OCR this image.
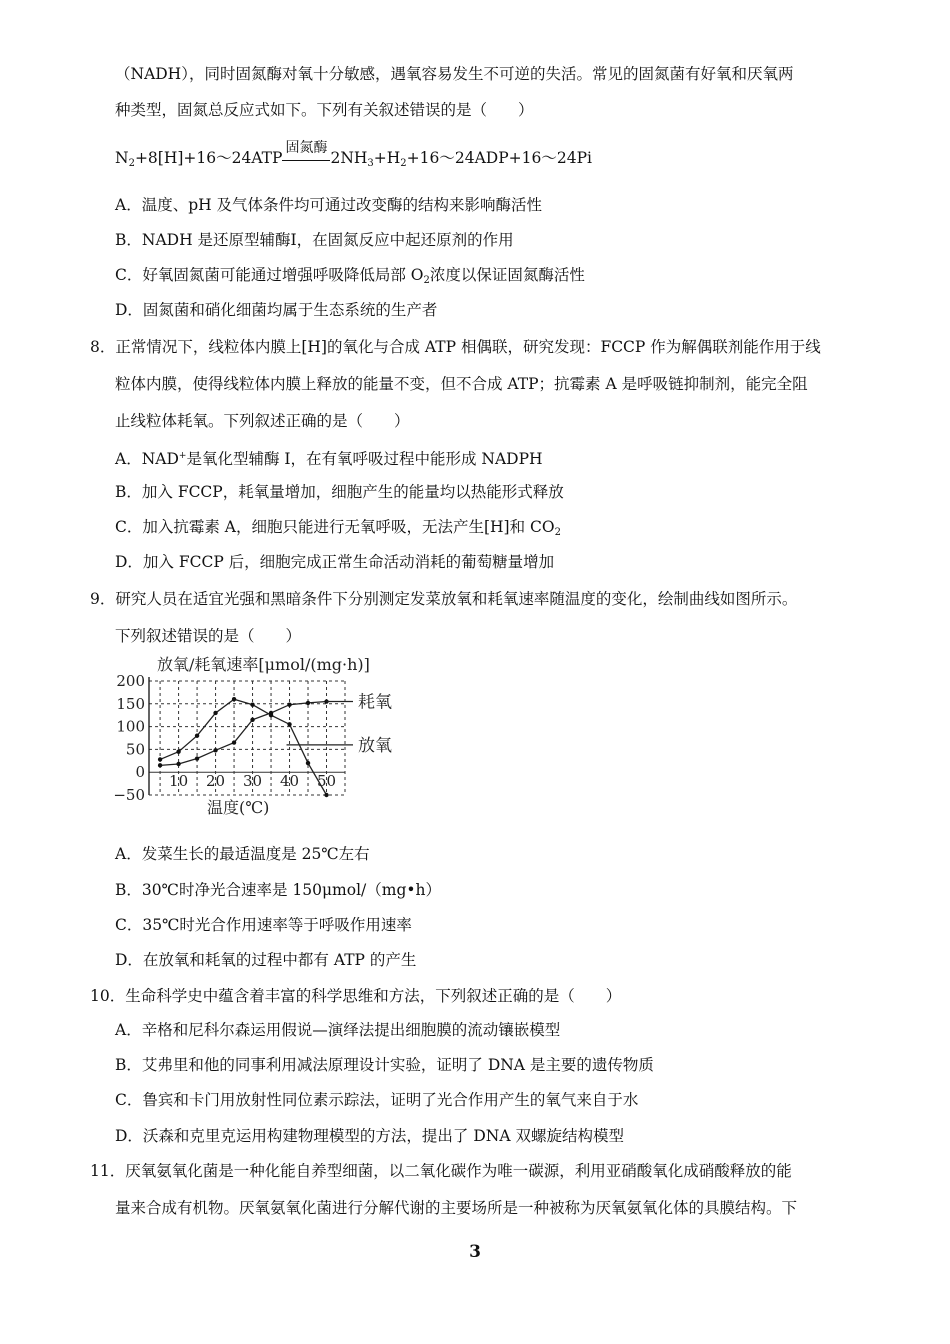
（NADH），同时固氮酶对氧十分敏感，遇氧容易发生不可逆的失活。常见的固氮菌有好氧和厌氧两
种类型，固氮总反应式如下。下列有关叙述错误的是（　　）
$N_2+8[H]+16\sim 24ATP$
固氮酶
$2NH_3+H_2+16\sim 24ADP+16\sim 24Pi$
A．温度、pH 及气体条件均可通过改变酶的结构来影响酶活性
B．NADH 是还原型辅酶Ⅰ，在固氮反应中起还原剂的作用
C．好氧固氮菌可能通过增强呼吸降低局部 $O_2$浓度以保证固氮酶活性
D．固氮菌和硝化细菌均属于生态系统的生产者
8．正常情况下，线粒体内膜上[H]的氧化与合成 ATP 相偶联，研究发现：FCCP 作为解偶联剂能作用于线
粒体内膜，使得线粒体内膜上释放的能量不变，但不合成 ATP；抗霉素 A 是呼吸链抑制剂，能完全阻
止线粒体耗氧。下列叙述正确的是（　　）
A．NAD+是氧化型辅酶 I，在有氧呼吸过程中能形成 NADPH
B．加入 FCCP，耗氧量增加，细胞产生的能量均以热能形式释放
C．加入抗霉素 A，细胞只能进行无氧呼吸，无法产生[H]和 $CO_2$
D．加入 FCCP 后，细胞完成正常生命活动消耗的葡萄糖量增加
9．研究人员在适宜光强和黑暗条件下分别测定发菜放氧和耗氧速率随温度的变化，绘制曲线如图所示。
下列叙述错误的是（　　）
放氧/耗氧速率[μmol/(mg·h)]
200
150
100
50
0
−50
10 20 30 40 50
耗氧
放氧
温度(℃)
A．发菜生长的最适温度是 25℃左右
B．30℃时净光合速率是 150μmol/（mg•h）
C．35℃时光合作用速率等于呼吸作用速率
D．在放氧和耗氧的过程中都有 ATP 的产生
10．生命科学史中蕴含着丰富的科学思维和方法，下列叙述正确的是（　　）
A．辛格和尼科尔森运用假说—演绎法提出细胞膜的流动镶嵌模型
B．艾弗里和他的同事利用减法原理设计实验，证明了 DNA 是主要的遗传物质
C．鲁宾和卡门用放射性同位素示踪法，证明了光合作用产生的氧气来自于水
D．沃森和克里克运用构建物理模型的方法，提出了 DNA 双螺旋结构模型
11．厌氧氨氧化菌是一种化能自养型细菌，以二氧化碳作为唯一碳源，利用亚硝酸氧化成硝酸释放的能
量来合成有机物。厌氧氨氧化菌进行分解代谢的主要场所是一种被称为厌氧氨氧化体的具膜结构。下
3
